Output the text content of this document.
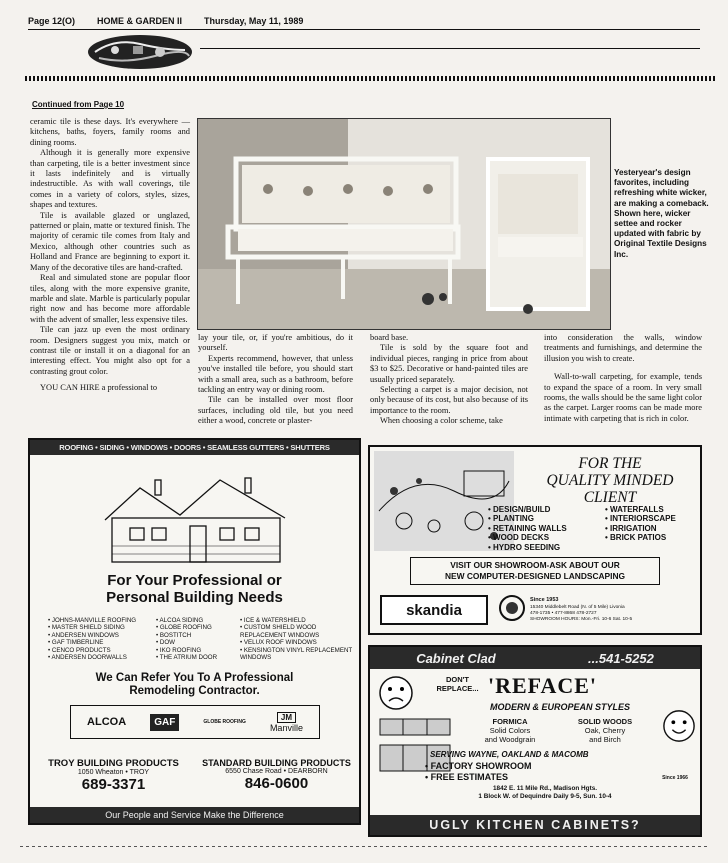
Page 12(O) HOME & GARDEN II Thursday, May 11, 1989
Continued from Page 10

ceramic tile is these days. It's everywhere — kitchens, baths, foyers, family rooms and dining rooms.

Although it is generally more expensive than carpeting, tile is a better investment since it lasts indefinitely and is virtually indestructible. As with wall coverings, tile comes in a variety of colors, styles, sizes, shapes and textures.

Tile is available glazed or unglazed, patterned or plain, matte or textured finish. The majority of ceramic tile comes from Italy and Mexico, although other countries such as Holland and France are beginning to export it. Many of the decorative tiles are hand-crafted.

Real and simulated stone are popular floor tiles, along with the more expensive granite, marble and slate. Marble is particularly popular right now and has become more affordable with the advent of smaller, less expensive tiles.

Tile can jazz up even the most ordinary room. Designers suggest you mix, match or contrast tile or install it on a diagonal for an interesting effect. You might also opt for a contrasting grout color.

YOU CAN HIRE a professional to

Yesteryear's design favorites, including refreshing white wicker, are making a comeback. Shown here, wicker settee and rocker updated with fabric by Original Textile Designs Inc.

lay your tile, or, if you're ambitious, do it yourself.

Experts recommend, however, that unless you've installed tile before, you should start with a small area, such as a bathroom, before tackling an entry way or dining room.

Tile can be installed over most floor surfaces, including old tile, but you need either a wood, concrete or plaster-

board base.

Tile is sold by the square foot and individual pieces, ranging in price from about $3 to $25. Decorative or hand-painted tiles are usually priced separately.

Selecting a carpet is a major decision, not only because of its cost, but also because of its importance to the room.

When choosing a color scheme, take

into consideration the walls, window treatments and furnishings, and determine the illusion you wish to create.

Wall-to-wall carpeting, for example, tends to expand the space of a room. In very small rooms, the walls should be the same light color as the carpet. Larger rooms can be made more intimate with carpeting that is rich in color.

ROOFING • SIDING • WINDOWS • DOORS • SEAMLESS GUTTERS • SHUTTERS
For Your Professional or
Personal Building Needs
• JOHNS-MANVILLE ROOFING
• MASTER SHIELD SIDING
• ANDERSEN WINDOWS
• GAF TIMBERLINE
• CENCO PRODUCTS
• ANDERSEN DOORWALLS
• ALCOA SIDING
• GLOBE ROOFING
• BOSTITCH
• DOW
• IKO ROOFING
• THE ATRIUM DOOR
• ICE & WATERSHIELD
• CUSTOM SHIELD WOOD REPLACEMENT WINDOWS
• VELUX ROOF WINDOWS
• KENSINGTON VINYL REPLACEMENT WINDOWS
We Can Refer You To A Professional
Remodeling Contractor.
ALCOA	GAF	GLOBE ROOFING
JM
Manville
TROY BUILDING PRODUCTS
1050 Wheaton • TROY
689-3371
STANDARD BUILDING PRODUCTS
6550 Chase Road • DEARBORN
846-0600
Our People and Service Make the Difference
FOR THE
QUALITY MINDED
CLIENT
• DESIGN/BUILD
• PLANTING
• RETAINING WALLS
• WOOD DECKS
• HYDRO SEEDING
• WATERFALLS
• INTERIORSCAPE
• IRRIGATION
• BRICK PATIOS
VISIT OUR SHOWROOM-ASK ABOUT OUR
NEW COMPUTER-DESIGNED LANDSCAPING
skandia
Since 1953
15340 Middlebelt Road (N. of 5 Mile) Livonia
478-1735 • 477-8868 478-2727
SHOWROOM HOURS: Mon.-Fri. 10-6 Sat. 10-5
Cabinet Clad	...541-5252
DON'T
REPLACE... 'REFACE'
MODERN & EUROPEAN STYLES
FORMICA
Solid Colors
and Woodgrain
SOLID WOODS
Oak, Cherry
and Birch
SERVING WAYNE, OAKLAND & MACOMB
• FACTORY SHOWROOM
• FREE ESTIMATES
1842 E. 11 Mile Rd., Madison Hgts.
1 Block W. of Dequindre Daily 9-5, Sun. 10-4
Since 1966
UGLY KITCHEN CABINETS?
